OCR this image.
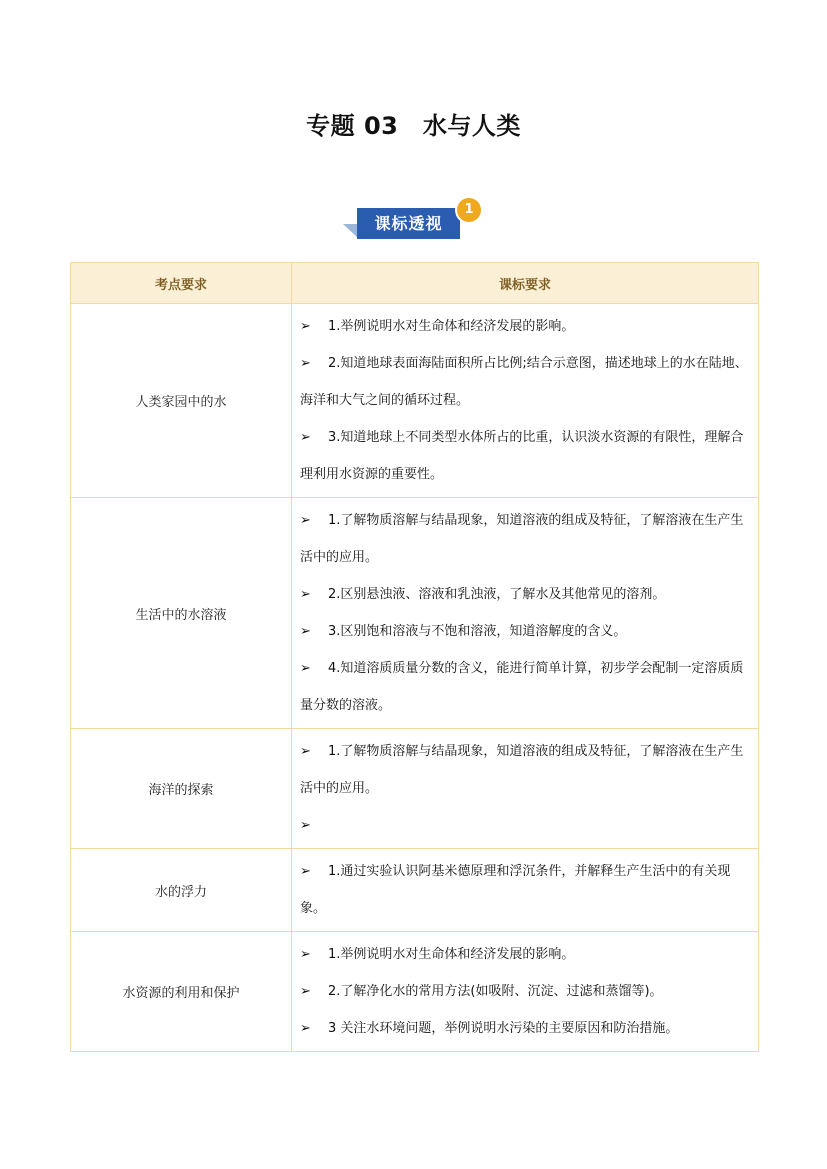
专题 03　水与人类
课标透视
1
考点要求	课标要求
人类家园中的水	➢ 1.举例说明水对生命体和经济发展的影响。
➢ 2.知道地球表面海陆面积所占比例;结合示意图，描述地球上的水在陆地、海洋和大气之间的循环过程。
➢ 3.知道地球上不同类型水体所占的比重，认识淡水资源的有限性，理解合理利用水资源的重要性。

生活中的水溶液	➢ 1.了解物质溶解与结晶现象，知道溶液的组成及特征，了解溶液在生产生活中的应用。
➢ 2.区别悬浊液、溶液和乳浊液，了解水及其他常见的溶剂。
➢ 3.区别饱和溶液与不饱和溶液，知道溶解度的含义。
➢ 4.知道溶质质量分数的含义，能进行简单计算，初步学会配制一定溶质质量分数的溶液。

海洋的探索	➢ 1.了解物质溶解与结晶现象，知道溶液的组成及特征，了解溶液在生产生活中的应用。
➢

水的浮力	➢ 1.通过实验认识阿基米德原理和浮沉条件，并解释生产生活中的有关现象。

水资源的利用和保护	➢ 1.举例说明水对生命体和经济发展的影响。
➢ 2.了解净化水的常用方法(如吸附、沉淀、过滤和蒸馏等)。
➢ 3 关注水环境问题，举例说明水污染的主要原因和防治措施。
